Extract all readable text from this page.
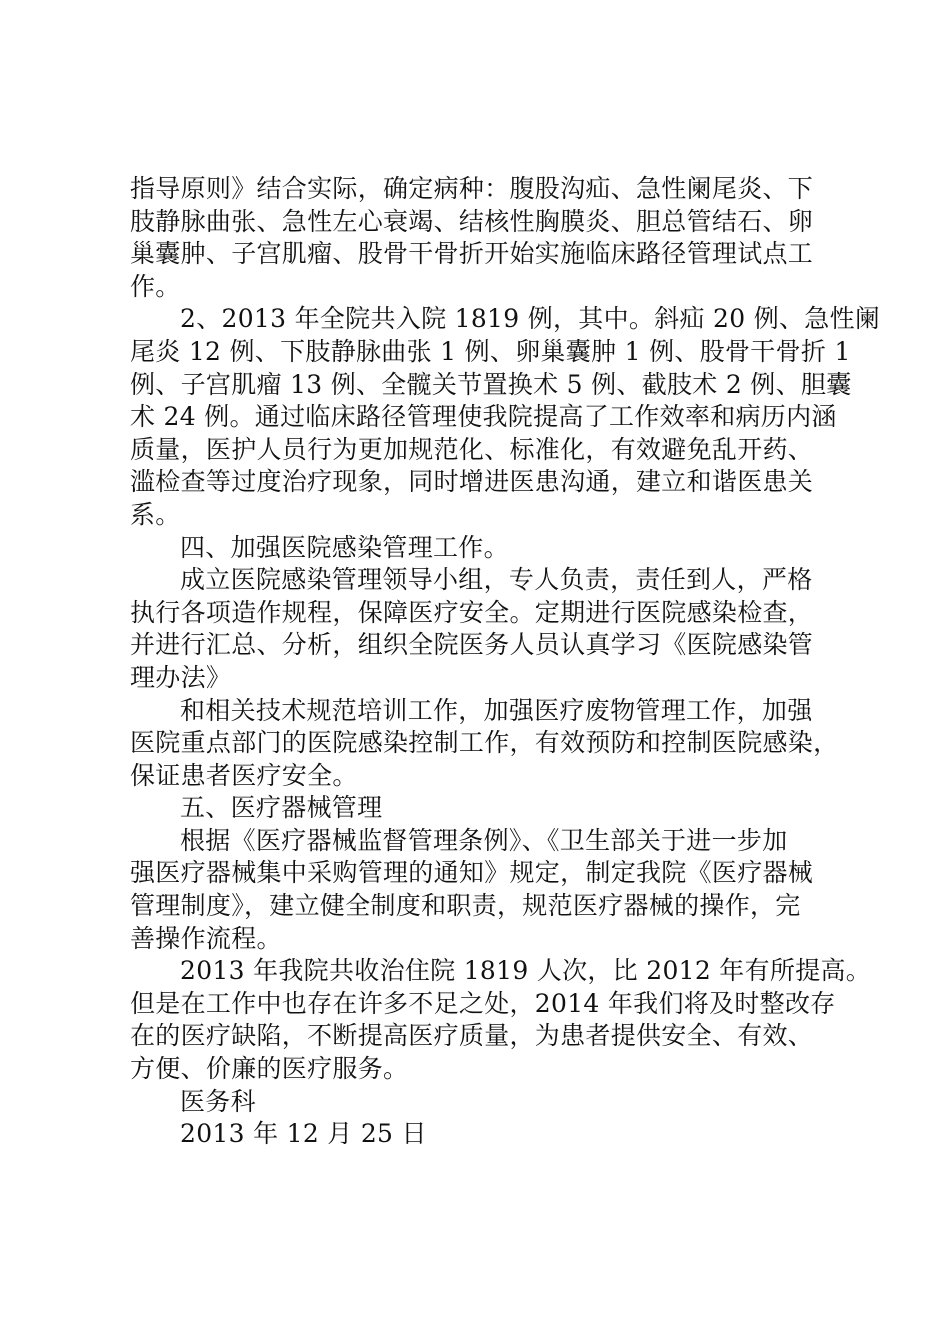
指导原则》结合实际，确定病种：腹股沟疝、急性阑尾炎、下
肢静脉曲张、急性左心衰竭、结核性胸膜炎、胆总管结石、卵
巢囊肿、子宫肌瘤、股骨干骨折开始实施临床路径管理试点工
作。
2、2013 年全院共入院 1819 例，其中。斜疝 20 例、急性阑
尾炎 12 例、下肢静脉曲张 1 例、卵巢囊肿 1 例、股骨干骨折 1
例、子宫肌瘤 13 例、全髋关节置换术 5 例、截肢术 2 例、胆囊
术 24 例。通过临床路径管理使我院提高了工作效率和病历内涵
质量，医护人员行为更加规范化、标准化，有效避免乱开药、
滥检查等过度治疗现象，同时增进医患沟通，建立和谐医患关
系。
四、加强医院感染管理工作。
成立医院感染管理领导小组，专人负责，责任到人，严格
执行各项造作规程，保障医疗安全。定期进行医院感染检查，
并进行汇总、分析，组织全院医务人员认真学习《医院感染管
理办法》
和相关技术规范培训工作，加强医疗废物管理工作，加强
医院重点部门的医院感染控制工作，有效预防和控制医院感染，
保证患者医疗安全。
五、医疗器械管理
根据《医疗器械监督管理条例》、《卫生部关于进一步加
强医疗器械集中采购管理的通知》规定，制定我院《医疗器械
管理制度》，建立健全制度和职责，规范医疗器械的操作，完
善操作流程。
2013 年我院共收治住院 1819 人次，比 2012 年有所提高。
但是在工作中也存在许多不足之处，2014 年我们将及时整改存
在的医疗缺陷，不断提高医疗质量，为患者提供安全、有效、
方便、价廉的医疗服务。
医务科
2013 年 12 月 25 日
